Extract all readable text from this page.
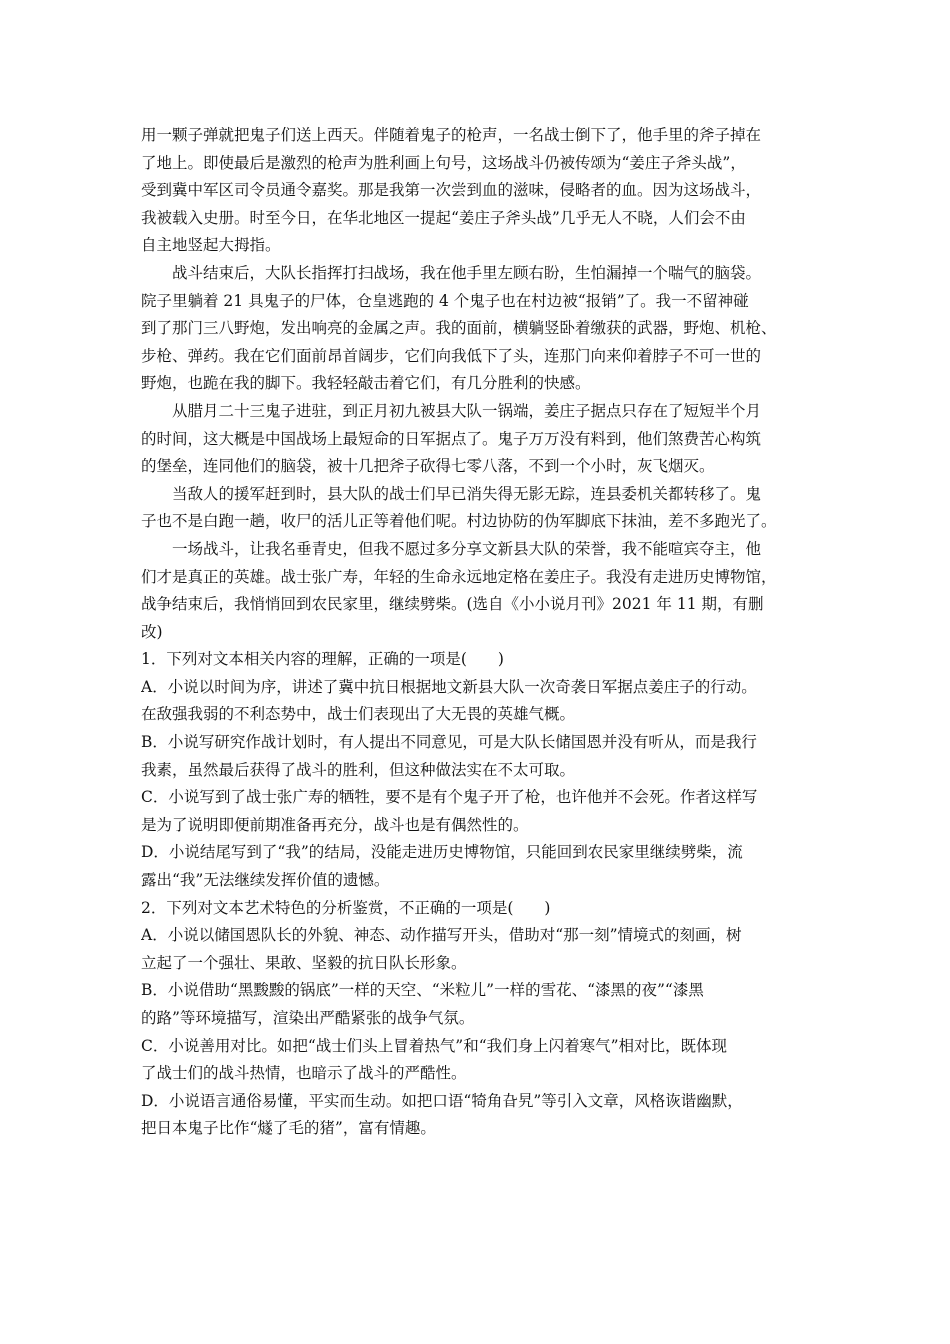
用一颗子弹就把鬼子们送上西天。伴随着鬼子的枪声，一名战士倒下了，他手里的斧子掉在
了地上。即使最后是激烈的枪声为胜利画上句号，这场战斗仍被传颂为“姜庄子斧头战”，
受到冀中军区司令员通令嘉奖。那是我第一次尝到血的滋味，侵略者的血。因为这场战斗，
我被载入史册。时至今日，在华北地区一提起“姜庄子斧头战”几乎无人不晓，人们会不由
自主地竖起大拇指。
战斗结束后，大队长指挥打扫战场，我在他手里左顾右盼，生怕漏掉一个喘气的脑袋。
院子里躺着 21 具鬼子的尸体，仓皇逃跑的 4 个鬼子也在村边被“报销”了。我一不留神碰
到了那门三八野炮，发出响亮的金属之声。我的面前，横躺竖卧着缴获的武器，野炮、机枪、
步枪、弹药。我在它们面前昂首阔步，它们向我低下了头，连那门向来仰着脖子不可一世的
野炮，也跪在我的脚下。我轻轻敲击着它们，有几分胜利的快感。
从腊月二十三鬼子进驻，到正月初九被县大队一锅端，姜庄子据点只存在了短短半个月
的时间，这大概是中国战场上最短命的日军据点了。鬼子万万没有料到，他们煞费苦心构筑
的堡垒，连同他们的脑袋，被十几把斧子砍得七零八落，不到一个小时，灰飞烟灭。
当敌人的援军赶到时，县大队的战士们早已消失得无影无踪，连县委机关都转移了。鬼
子也不是白跑一趟，收尸的活儿正等着他们呢。村边协防的伪军脚底下抹油，差不多跑光了。
一场战斗，让我名垂青史，但我不愿过多分享文新县大队的荣誉，我不能喧宾夺主，他
们才是真正的英雄。战士张广寿，年轻的生命永远地定格在姜庄子。我没有走进历史博物馆，
战争结束后，我悄悄回到农民家里，继续劈柴。(选自《小小说月刊》2021 年 11 期，有删
改)
1．下列对文本相关内容的理解，正确的一项是(　　)
A．小说以时间为序，讲述了冀中抗日根据地文新县大队一次奇袭日军据点姜庄子的行动。
在敌强我弱的不利态势中，战士们表现出了大无畏的英雄气概。
B．小说写研究作战计划时，有人提出不同意见，可是大队长储国恩并没有听从，而是我行
我素，虽然最后获得了战斗的胜利，但这种做法实在不太可取。
C．小说写到了战士张广寿的牺牲，要不是有个鬼子开了枪，也许他并不会死。作者这样写
是为了说明即便前期准备再充分，战斗也是有偶然性的。
D．小说结尾写到了“我”的结局，没能走进历史博物馆，只能回到农民家里继续劈柴，流
露出“我”无法继续发挥价值的遗憾。
2．下列对文本艺术特色的分析鉴赏，不正确的一项是(　　)
A．小说以储国恩队长的外貌、神态、动作描写开头，借助对“那一刻”情境式的刻画，树
立起了一个强壮、果敢、坚毅的抗日队长形象。
B．小说借助“黑黢黢的锅底”一样的天空、“米粒儿”一样的雪花、“漆黑的夜”“漆黑
的路”等环境描写，渲染出严酷紧张的战争气氛。
C．小说善用对比。如把“战士们头上冒着热气”和“我们身上闪着寒气”相对比，既体现
了战士们的战斗热情，也暗示了战斗的严酷性。
D．小说语言通俗易懂，平实而生动。如把口语“犄角旮旯”等引入文章，风格诙谐幽默，
把日本鬼子比作“燧了毛的猪”，富有情趣。
